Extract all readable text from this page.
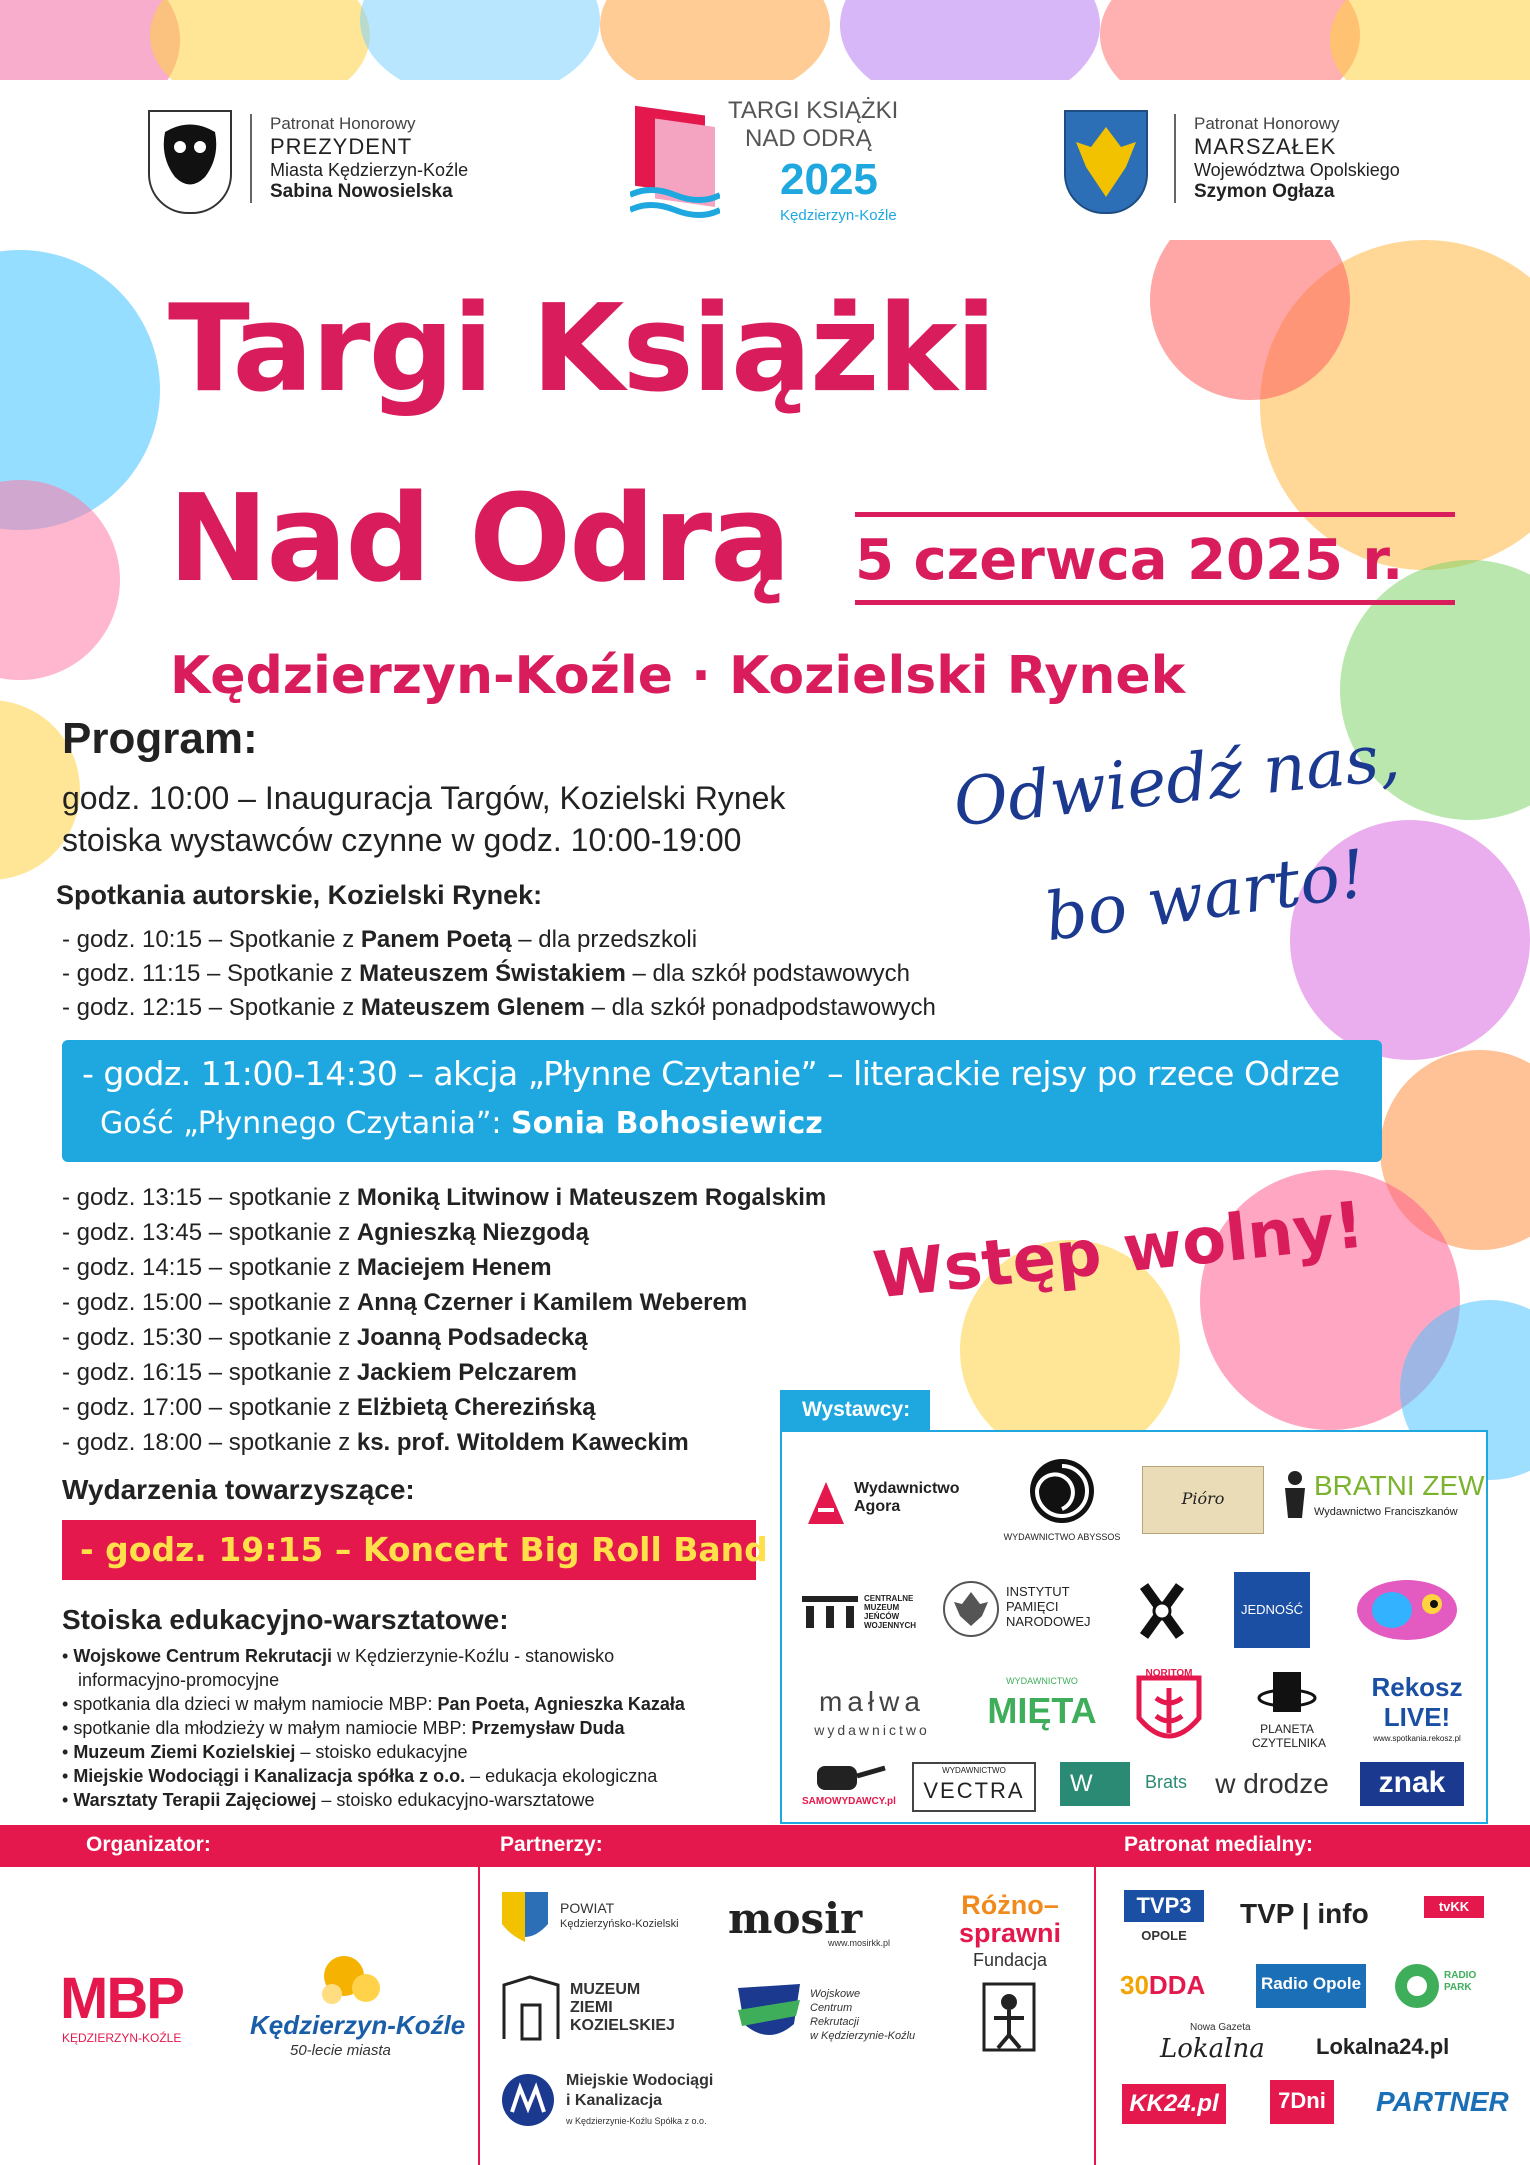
Patronat Honorowy
PREZYDENT
Miasta Kędzierzyn-Koźle
Sabina Nowosielska
TARGI KSIĄŻKI
NAD ODRĄ
2025
Kędzierzyn-Koźle
Patronat Honorowy
MARSZAŁEK
Województwa Opolskiego
Szymon Ogłaza
Targi Książki
Nad Odrą 5 czerwca 2025 r.
Kędzierzyn-Koźle · Kozielski Rynek
Program:
godz. 10:00 – Inauguracja Targów, Kozielski Rynek
stoiska wystawców czynne w godz. 10:00-19:00	Odwiedź nas,
bo warto!
Spotkania autorskie, Kozielski Rynek:
- godz. 10:15 – Spotkanie z Panem Poetą – dla przedszkoli
- godz. 11:15 – Spotkanie z Mateuszem Świstakiem – dla szkół podstawowych
- godz. 12:15 – Spotkanie z Mateuszem Glenem – dla szkół ponadpodstawowych
- godz. 11:00-14:30 – akcja „Płynne Czytanie” – literackie rejsy po rzece Odrze
Gość „Płynnego Czytania”: Sonia Bohosiewicz
- godz. 13:15 – spotkanie z Moniką Litwinow i Mateuszem Rogalskim
- godz. 13:45 – spotkanie z Agnieszką Niezgodą
- godz. 14:15 – spotkanie z Maciejem Henem
- godz. 15:00 – spotkanie z Anną Czerner i Kamilem Weberem
- godz. 15:30 – spotkanie z Joanną Podsadecką
- godz. 16:15 – spotkanie z Jackiem Pelczarem
- godz. 17:00 – spotkanie z Elżbietą Cherezińską
- godz. 18:00 – spotkanie z ks. prof. Witoldem Kaweckim
Wstęp wolny!
Wydarzenia towarzyszące:
- godz. 19:15 – Koncert Big Roll Band
Stoiska edukacyjno-warsztatowe:
• Wojskowe Centrum Rekrutacji w Kędzierzynie-Koźlu - stanowisko
informacyjno-promocyjne
• spotkania dla dzieci w małym namiocie MBP: Pan Poeta, Agnieszka Kazała
• spotkanie dla młodzieży w małym namiocie MBP: Przemysław Duda
• Muzeum Ziemi Kozielskiej – stoisko edukacyjne
• Miejskie Wodociągi i Kanalizacja spółka z o.o. – edukacja ekologiczna
• Warsztaty Terapii Zajęciowej – stoisko edukacyjno-warsztatowe
Wystawcy:
Wydawnictwo Agora
WYDAWNICTWO ABYSSOS
Pióro	BRATNI ZEW
Wydawnictwo Franciszkanów
CENTRALNE MUZEUM JEŃCÓW WOJENNYCH
INSTYTUT PAMIĘCI NARODOWEJ
JEDNOŚĆ
małwa
wydawnictwo
WYDAWNICTWO
MIĘTA
NORITOM
PLANETA CZYTELNIKA
Rekosz
LIVE!
www.spotkania.rekosz.pl
SAMOWYDAWCY.pl
WYDAWNICTWO
VECTRA	W	Brats	w drodze	znak
Organizator:	Partnerzy:	Patronat medialny:
MBP
KĘDZIERZYN-KOŹLE	Kędzierzyn-Koźle
50-lecie miasta
POWIAT
Kędzierzyńsko-Kozielski mosir
www.mosirkk.pl
Różno–
sprawni
Fundacja
MUZEUM
ZIEMI
KOZIELSKIEJ
Wojskowe
Centrum
Rekrutacji
w Kędzierzynie-Koźlu
Miejskie Wodociągi
i Kanalizacja
w Kędzierzynie-Koźlu Spółka z o.o.
TVP3
OPOLE
TVP | info	tvKK
30DDA	Radio Opole	RADIO
PARK
Nowa Gazeta
Lokalna Lokalna24.pl
KK24.pl	7Dni PARTNER
